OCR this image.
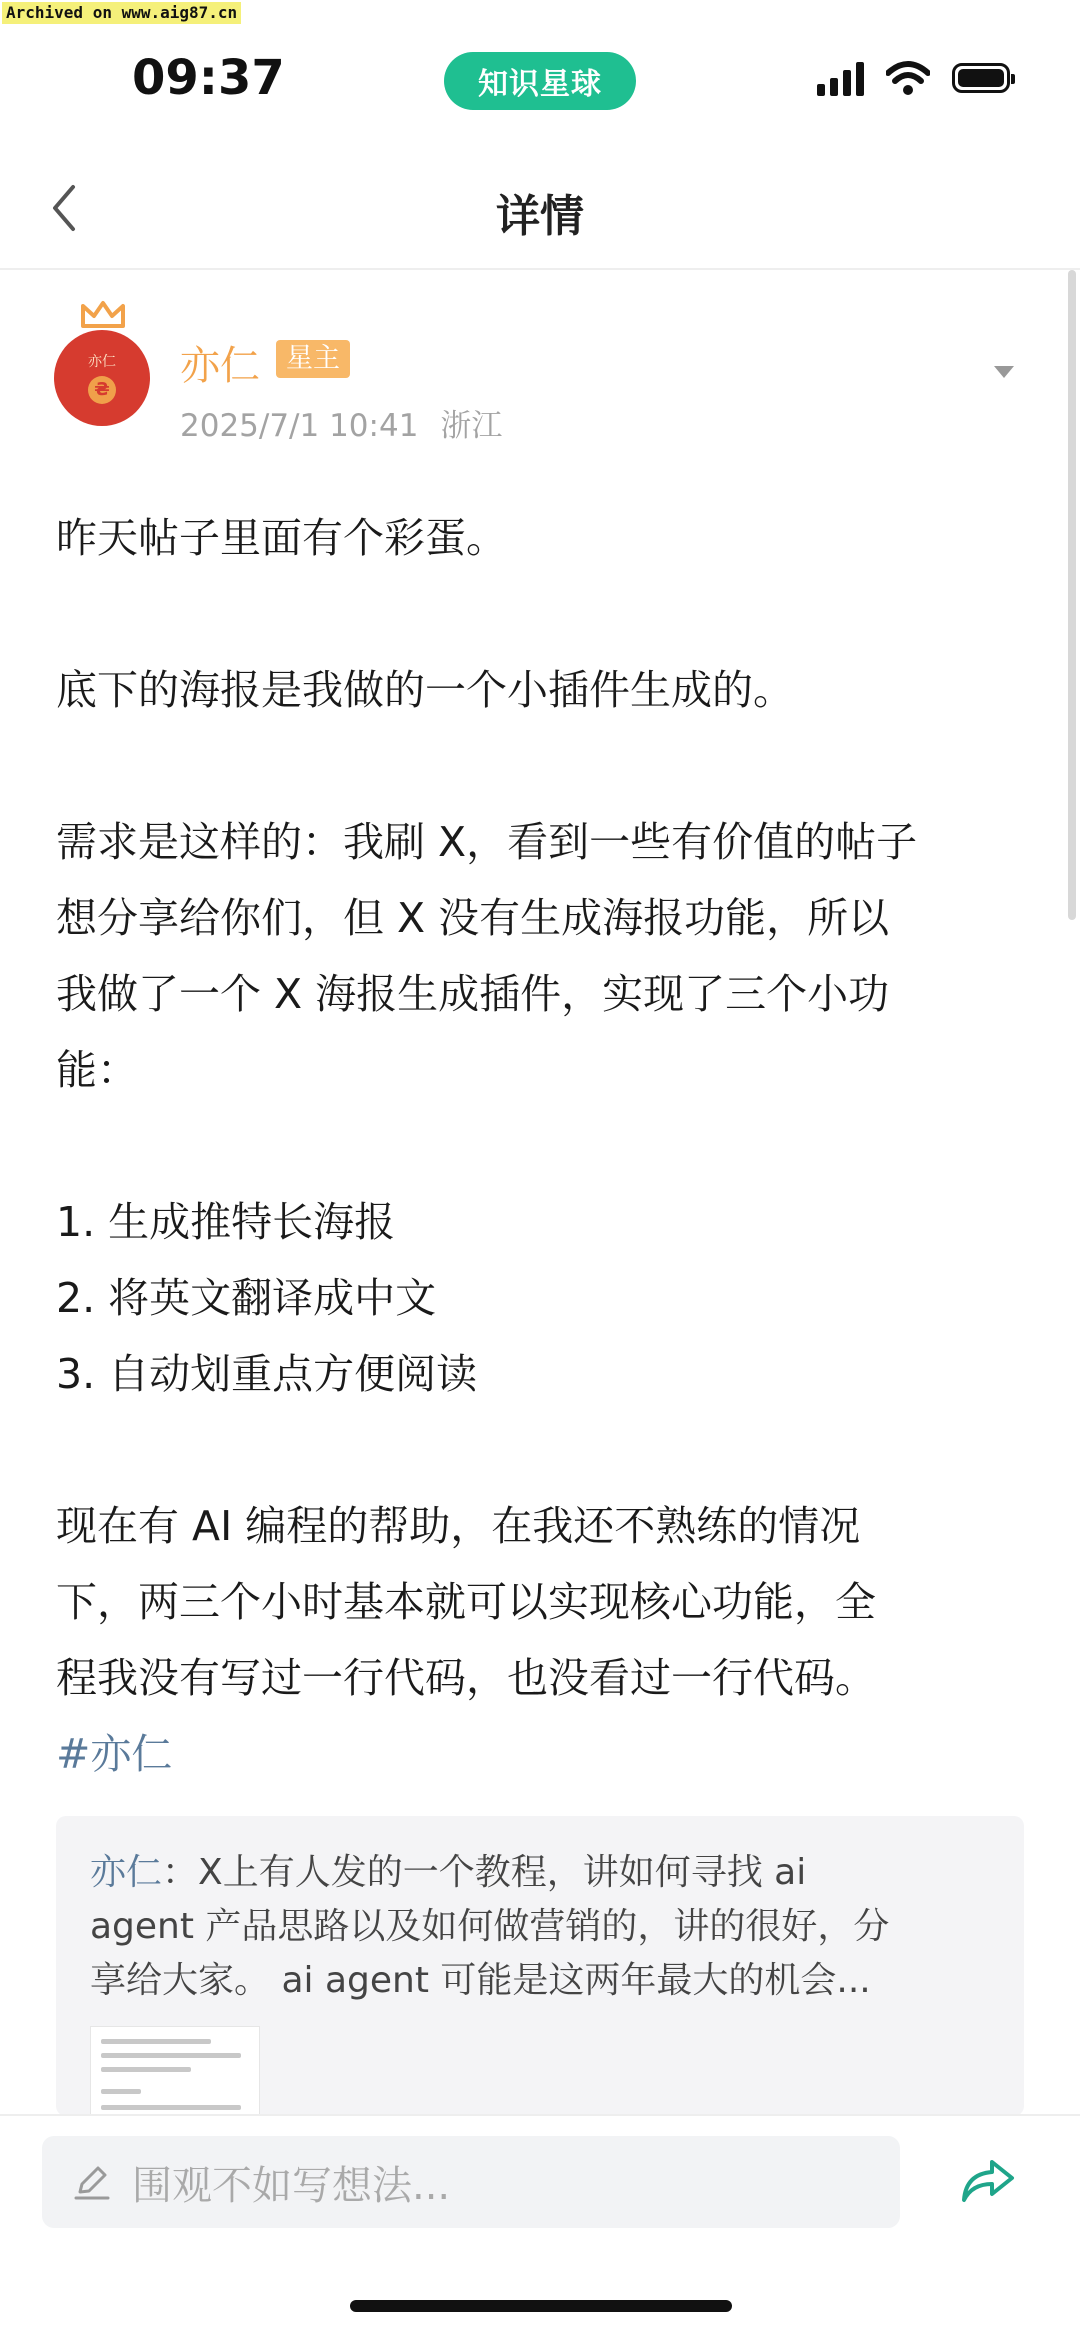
Archived on www.aig87.cn
09:37	知识星球
详情
亦仁
₴
亦仁 星主
2025/7/1 10:41 浙江

昨天帖子里面有个彩蛋。

底下的海报是我做的一个小插件生成的。

需求是这样的：我刷 X，看到一些有价值的帖子

想分享给你们，但 X 没有生成海报功能，所以

我做了一个 X 海报生成插件，实现了三个小功

能：

1. 生成推特长海报

2. 将英文翻译成中文

3. 自动划重点方便阅读

现在有 AI 编程的帮助，在我还不熟练的情况

下，两三个小时基本就可以实现核心功能，全

程我没有写过一行代码，也没看过一行代码。

#亦仁

亦仁：X上有人发的一个教程，讲如何寻找 ai
agent 产品思路以及如何做营销的，讲的很好，分
享给大家。 ai agent 可能是这两年最大的机会...
围观不如写想法...
